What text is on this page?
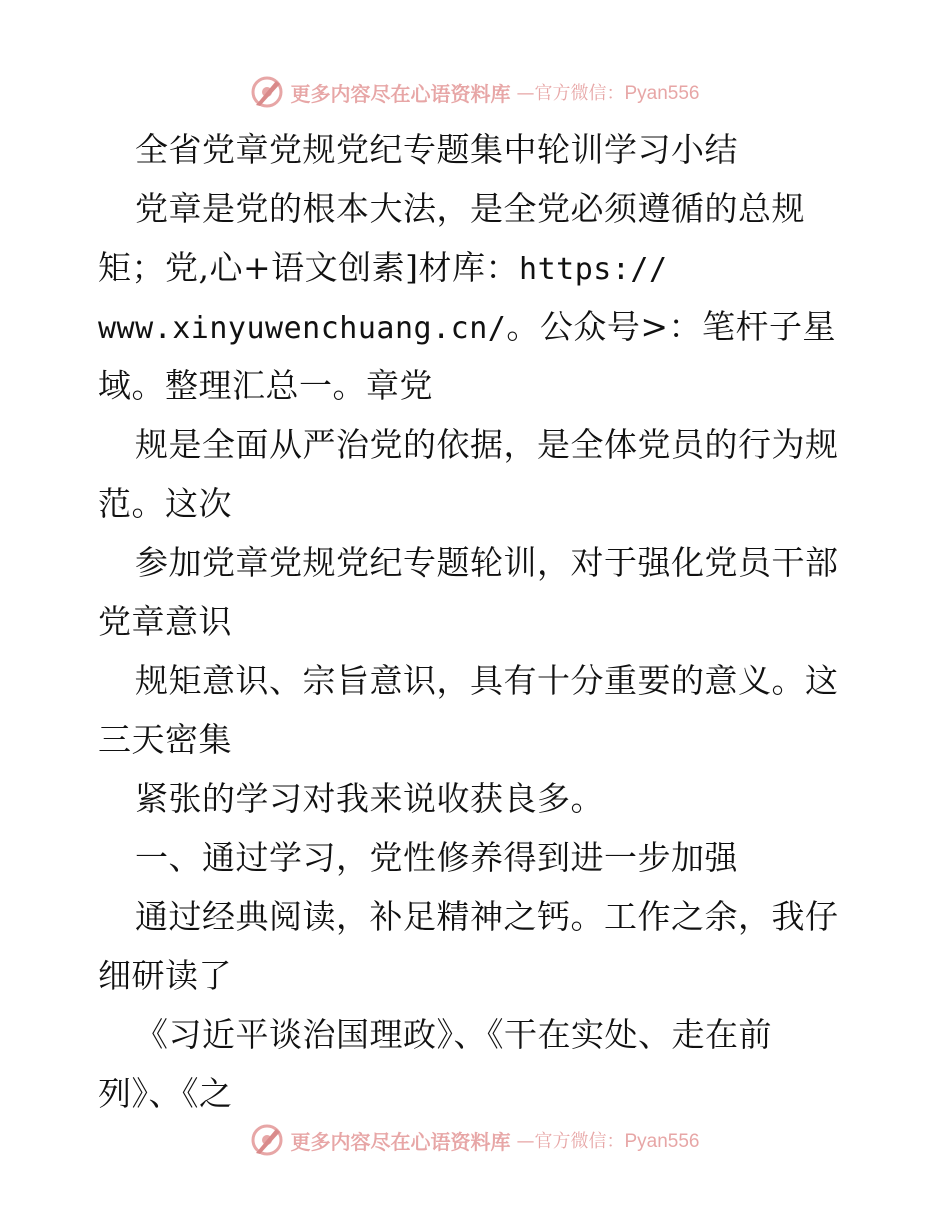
更多内容尽在心语资料库 —官方微信：Pyan556
全省党章党规党纪专题集中轮训学习小结
党章是党的根本大法，是全党必须遵循的总规
矩；党,心+语文创素]材库：https://
www.xinyuwenchuang.cn/。公众号>：笔杆子星
域。整理汇总一。章党
规是全面从严治党的依据，是全体党员的行为规
范。这次
参加党章党规党纪专题轮训，对于强化党员干部
党章意识
规矩意识、宗旨意识，具有十分重要的意义。这
三天密集
紧张的学习对我来说收获良多。
一、通过学习，党性修养得到进一步加强
通过经典阅读，补足精神之钙。工作之余，我仔
细研读了
《习近平谈治国理政》、《干在实处、走在前
列》、《之
更多内容尽在心语资料库 —官方微信：Pyan556
